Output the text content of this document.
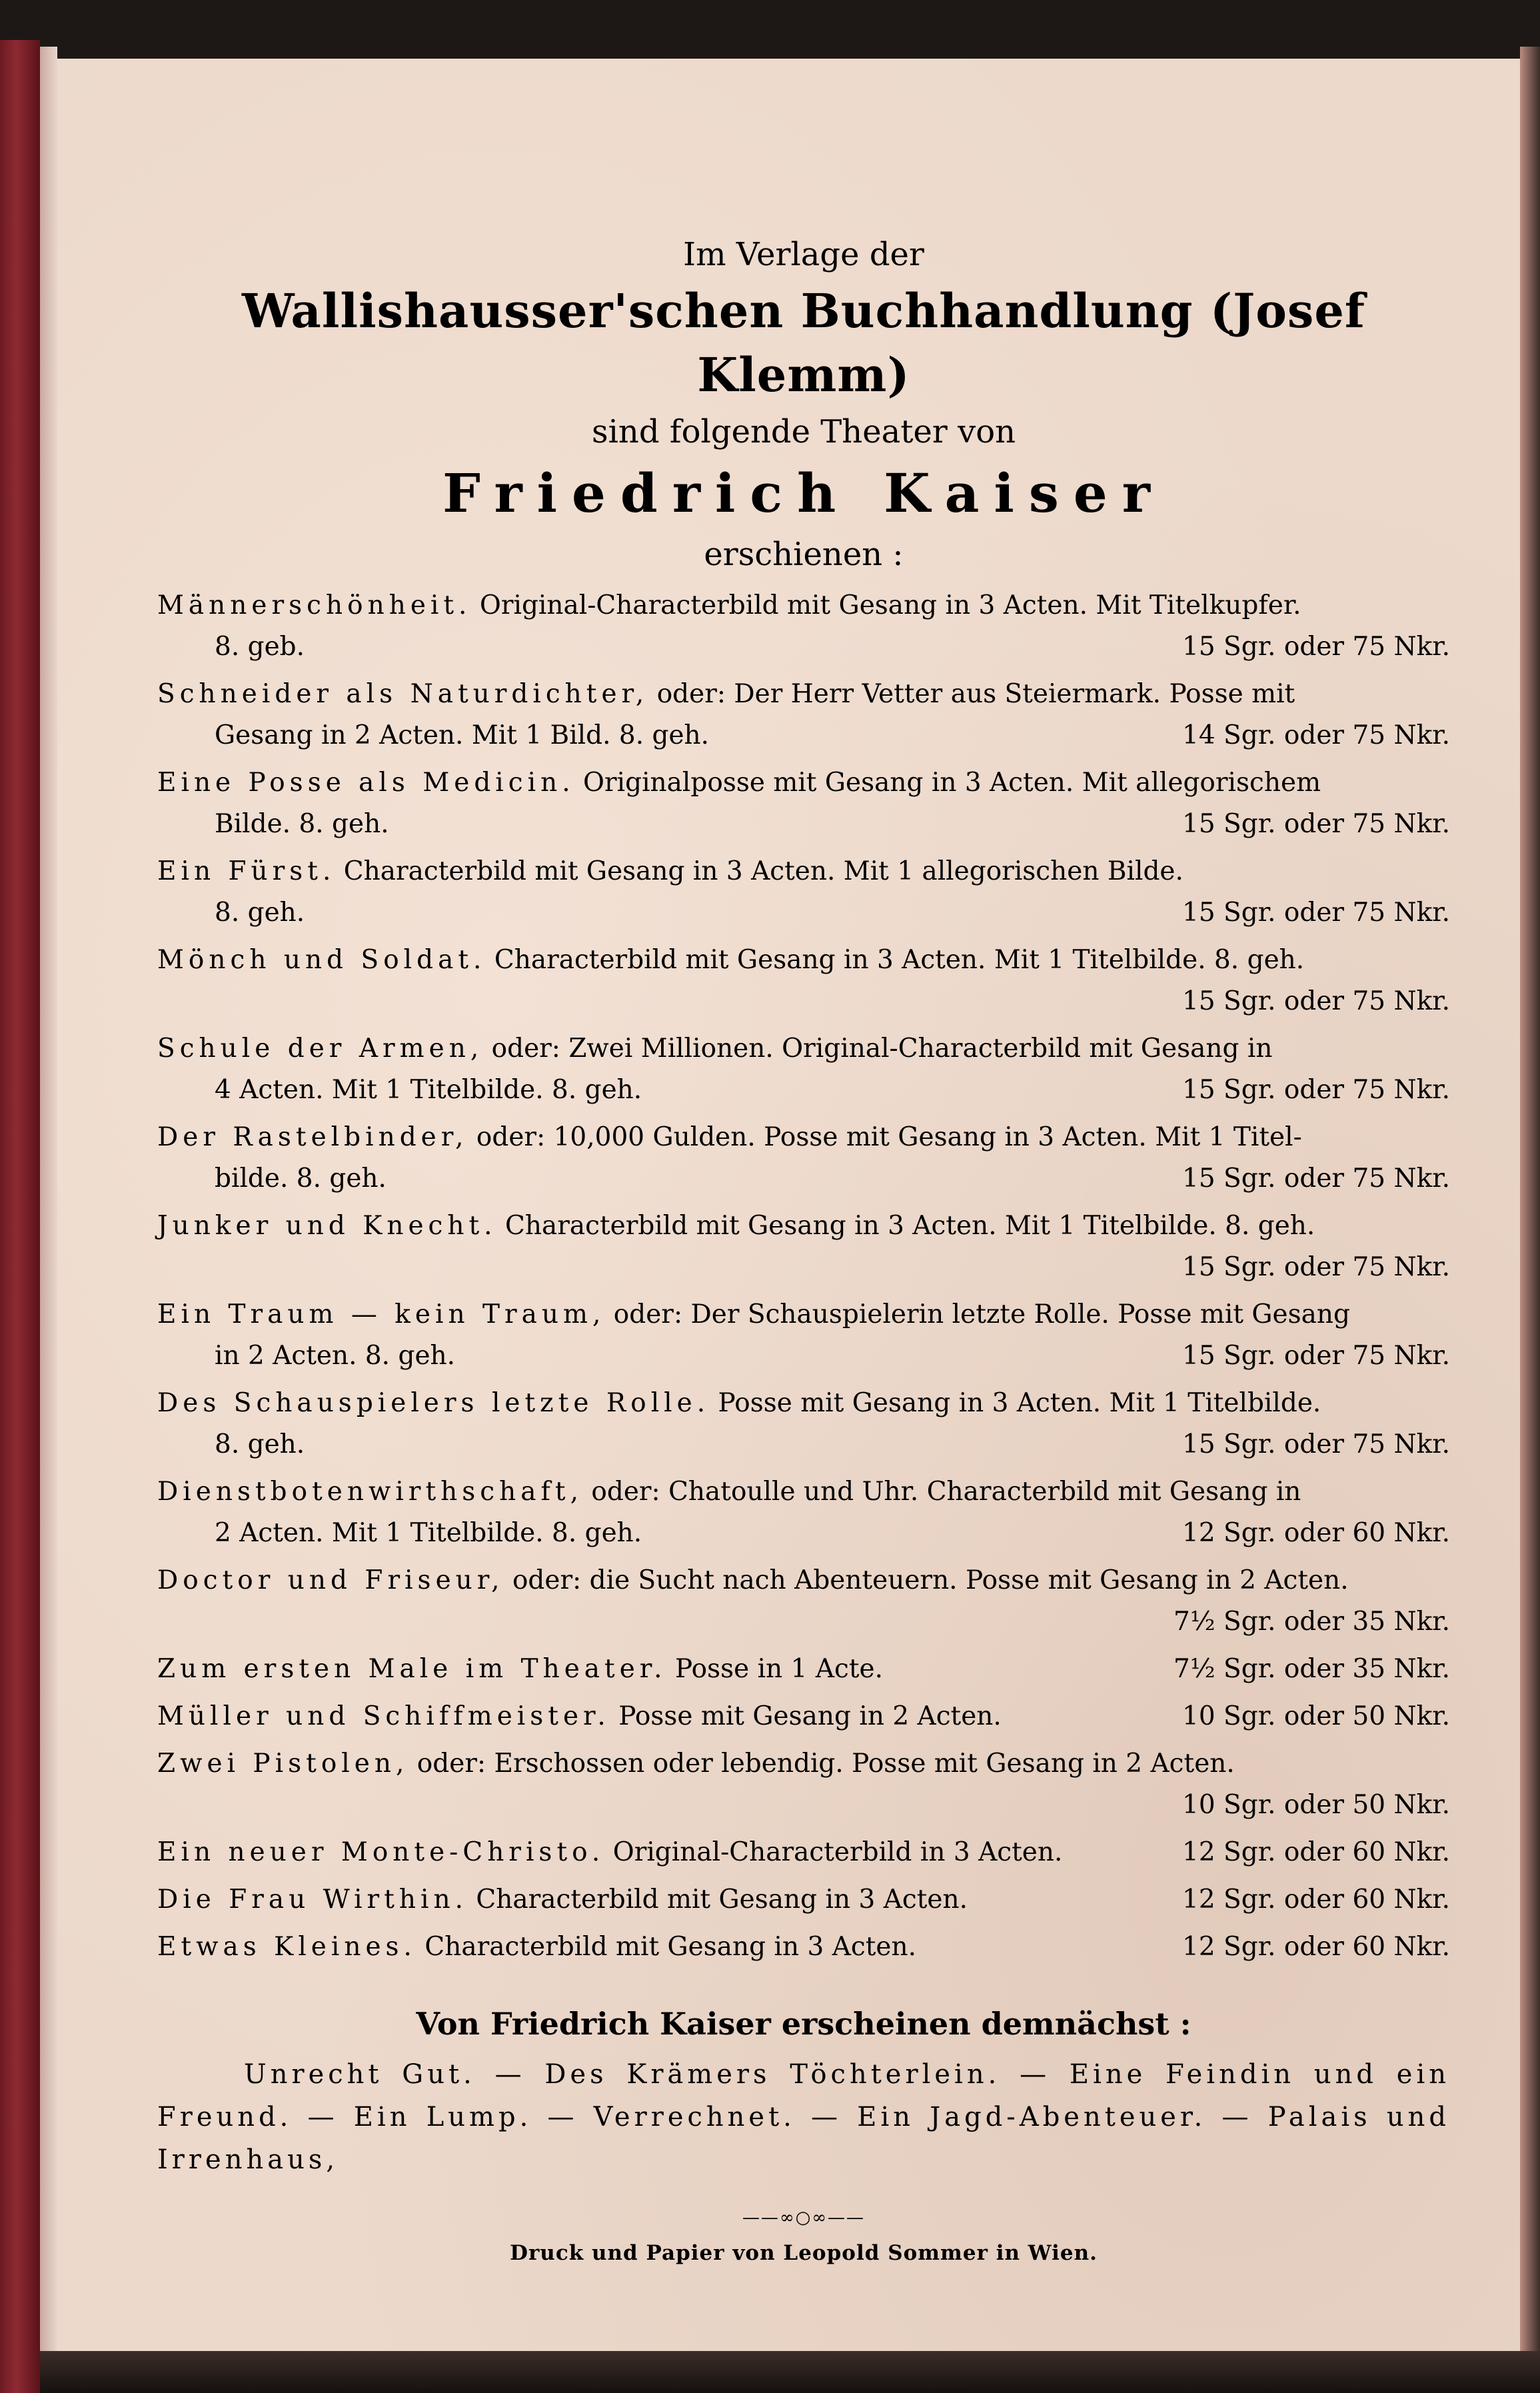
Im Verlage der
Wallishausser'schen Buchhandlung (Josef Klemm)
sind folgende Theater von
Friedrich Kaiser
erschienen :
Männerschönheit. Original-Characterbild mit Gesang in 3 Acten. Mit Titelkupfer.
8. geb.	15 Sgr. oder 75 Nkr.
Schneider als Naturdichter, oder: Der Herr Vetter aus Steiermark. Posse mit
Gesang in 2 Acten. Mit 1 Bild. 8. geh.	14 Sgr. oder 75 Nkr.
Eine Posse als Medicin. Originalposse mit Gesang in 3 Acten. Mit allegorischem
Bilde. 8. geh.	15 Sgr. oder 75 Nkr.
Ein Fürst. Characterbild mit Gesang in 3 Acten. Mit 1 allegorischen Bilde.
8. geh.	15 Sgr. oder 75 Nkr.
Mönch und Soldat. Characterbild mit Gesang in 3 Acten. Mit 1 Titelbilde. 8. geh.
15 Sgr. oder 75 Nkr.
Schule der Armen, oder: Zwei Millionen. Original-Characterbild mit Gesang in
4 Acten. Mit 1 Titelbilde. 8. geh.	15 Sgr. oder 75 Nkr.
Der Rastelbinder, oder: 10,000 Gulden. Posse mit Gesang in 3 Acten. Mit 1 Titel-
bilde. 8. geh.	15 Sgr. oder 75 Nkr.
Junker und Knecht. Characterbild mit Gesang in 3 Acten. Mit 1 Titelbilde. 8. geh.
15 Sgr. oder 75 Nkr.
Ein Traum — kein Traum, oder: Der Schauspielerin letzte Rolle. Posse mit Gesang
in 2 Acten. 8. geh.	15 Sgr. oder 75 Nkr.
Des Schauspielers letzte Rolle. Posse mit Gesang in 3 Acten. Mit 1 Titelbilde.
8. geh.	15 Sgr. oder 75 Nkr.
Dienstbotenwirthschaft, oder: Chatoulle und Uhr. Characterbild mit Gesang in
2 Acten. Mit 1 Titelbilde. 8. geh.	12 Sgr. oder 60 Nkr.
Doctor und Friseur, oder: die Sucht nach Abenteuern. Posse mit Gesang in 2 Acten.
7½ Sgr. oder 35 Nkr.
Zum ersten Male im Theater. Posse in 1 Acte.	7½ Sgr. oder 35 Nkr.
Müller und Schiffmeister. Posse mit Gesang in 2 Acten.	10 Sgr. oder 50 Nkr.
Zwei Pistolen, oder: Erschossen oder lebendig. Posse mit Gesang in 2 Acten.
10 Sgr. oder 50 Nkr.
Ein neuer Monte-Christo. Original-Characterbild in 3 Acten.	12 Sgr. oder 60 Nkr.
Die Frau Wirthin. Characterbild mit Gesang in 3 Acten.	12 Sgr. oder 60 Nkr.
Etwas Kleines. Characterbild mit Gesang in 3 Acten.	12 Sgr. oder 60 Nkr.
Von Friedrich Kaiser erscheinen demnächst :
Unrecht Gut. — Des Krämers Töchterlein. — Eine Feindin und ein Freund. — Ein Lump. — Verrechnet. — Ein Jagd-Abenteuer. — Palais und Irrenhaus,
——∞○∞——
Druck und Papier von Leopold Sommer in Wien.
